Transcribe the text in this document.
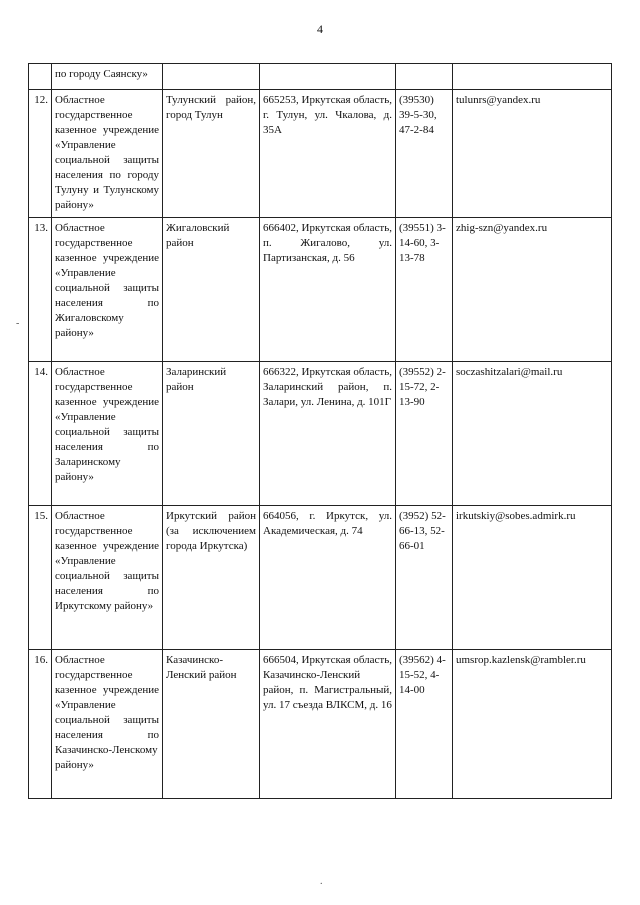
4
	по городу Саянску»				
12.	Областное государственное казенное учреждение «Управление социальной защиты населения по городу Тулуну и Тулунскому району»	Тулунский район, город Тулун	665253, Иркутская область, г. Тулун, ул. Чкалова, д. 35А	(39530) 39-5-30, 47-2-84	tulunrs@yandex.ru
13.	Областное государственное казенное учреждение «Управление социальной защиты населения по Жигаловскому району»	Жигаловский район	666402, Иркутская область, п. Жигалово, ул. Партизанская, д. 56	(39551) 3-14-60, 3-13-78	zhig-szn@yandex.ru
14.	Областное государственное казенное учреждение «Управление социальной защиты населения по Заларинскому району»	Заларинский район	666322, Иркутская область, Заларинский район, п. Залари, ул. Ленина, д. 101Г	(39552) 2-15-72, 2-13-90	soczashitzalari@mail.ru
15.	Областное государственное казенное учреждение «Управление социальной защиты населения по Иркутскому району»	Иркутский район (за исключением города Иркутска)	664056, г. Иркутск, ул. Академическая, д. 74	(3952) 52-66-13, 52-66-01	irkutskiy@sobes.admirk.ru
16.	Областное государственное казенное учреждение «Управление социальной защиты населения по Казачинско-Ленскому району»	Казачинско-Ленский район	666504, Иркутская область, Казачинско-Ленский район, п. Магистральный, ул. 17 съезда ВЛКСМ, д. 16	(39562) 4-15-52, 4-14-00	umsrop.kazlensk@rambler.ru
-
.
